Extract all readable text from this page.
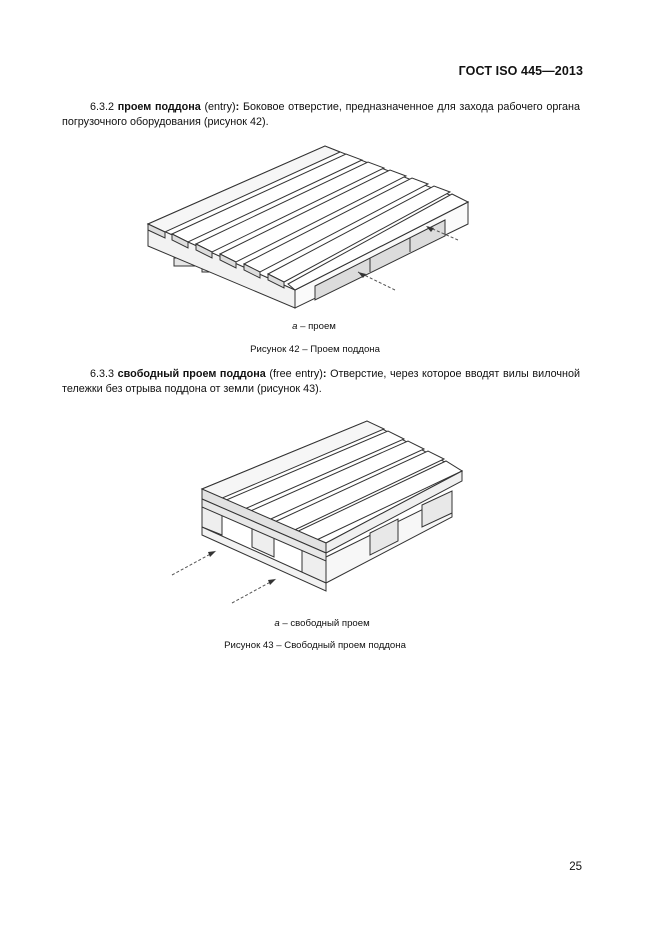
ГОСТ ISO 445—2013
6.3.2 проем поддона (entry): Боковое отверстие, предназначенное для захода рабочего органа погрузочного оборудования (рисунок 42).
a – проем
Рисунок 42 – Проем поддона
6.3.3 свободный проем поддона (free entry): Отверстие, через которое вводят вилы вилочной тележки без отрыва поддона от земли (рисунок 43).
a – свободный проем
Рисунок 43 – Свободный проем поддона
25
